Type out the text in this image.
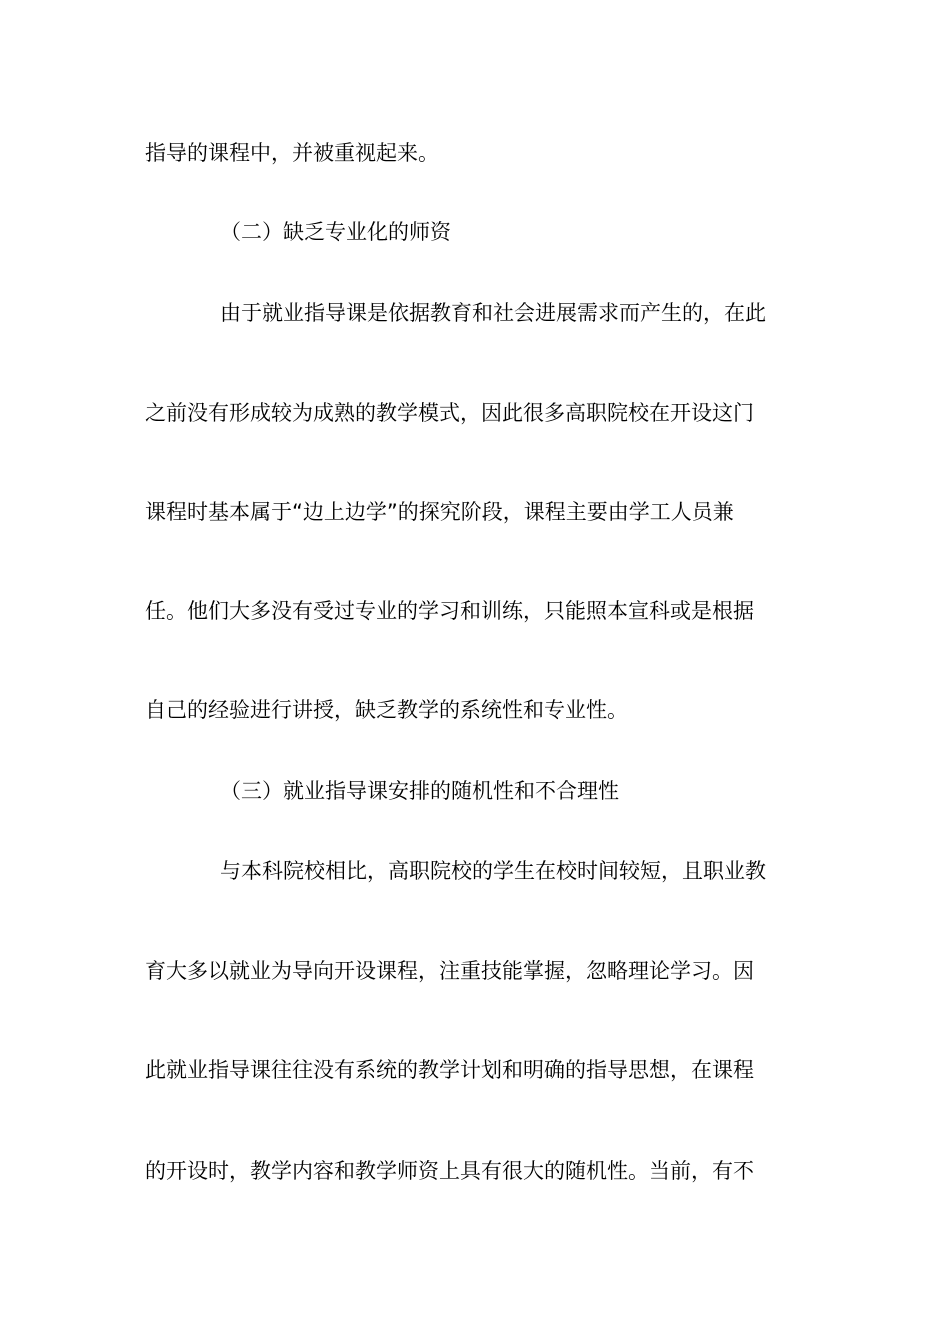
指导的课程中，并被重视起来。
（二）缺乏专业化的师资
由于就业指导课是依据教育和社会进展需求而产生的，在此
之前没有形成较为成熟的教学模式，因此很多高职院校在开设这门
课程时基本属于“边上边学”的探究阶段，课程主要由学工人员兼
任。他们大多没有受过专业的学习和训练，只能照本宣科或是根据
自己的经验进行讲授，缺乏教学的系统性和专业性。
（三）就业指导课安排的随机性和不合理性
与本科院校相比，高职院校的学生在校时间较短，且职业教
育大多以就业为导向开设课程，注重技能掌握，忽略理论学习。因
此就业指导课往往没有系统的教学计划和明确的指导思想，在课程
的开设时，教学内容和教学师资上具有很大的随机性。当前，有不
